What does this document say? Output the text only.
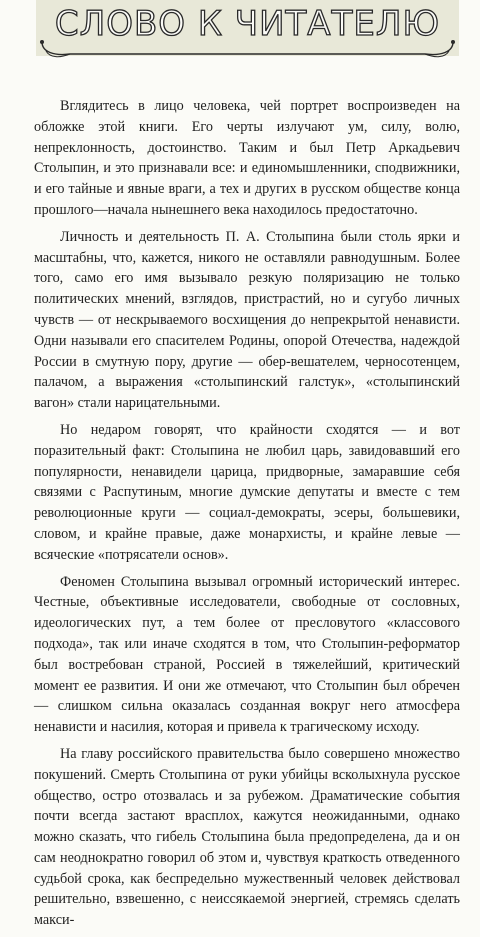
СЛОВО К ЧИТАТЕЛЮ

Вглядитесь в лицо человека, чей портрет воспроизведен на обложке этой книги. Его черты излучают ум, силу, волю, непреклонность, достоинство. Таким и был Петр Аркадьевич Столыпин, и это признавали все: и единомышленники, сподвижники, и его тайные и явные враги, а тех и других в русском обществе конца прошлого—начала нынешнего века находилось предостаточно.

Личность и деятельность П. А. Столыпина были столь ярки и масштабны, что, кажется, никого не оставляли равнодушным. Более того, само его имя вызывало резкую поляризацию не только политических мнений, взглядов, пристрастий, но и сугубо личных чувств — от нескрываемого восхищения до непрекрытой ненависти. Одни называли его спасителем Родины, опорой Отечества, надеждой России в смутную пору, другие — обер-вешателем, черносотенцем, палачом, а выражения «столыпинский галстук», «столыпинский вагон» стали нарицательными.

Но недаром говорят, что крайности сходятся — и вот поразительный факт: Столыпина не любил царь, завидовавший его популярности, ненавидели царица, придворные, замаравшие себя связями с Распутиным, многие думские депутаты и вместе с тем революционные круги — социал-демократы, эсеры, большевики, словом, и крайне правые, даже монархисты, и крайне левые — всяческие «потрясатели основ».

Феномен Столыпина вызывал огромный исторический интерес. Честные, объективные исследователи, свободные от сословных, идеологических пут, а тем более от пресловутого «классового подхода», так или иначе сходятся в том, что Столыпин-реформатор был востребован страной, Россией в тяжелейший, критический момент ее развития. И они же отмечают, что Столыпин был обречен — слишком сильна оказалась созданная вокруг него атмосфера ненависти и насилия, которая и привела к трагическому исходу.

На главу российского правительства было совершено множество покушений. Смерть Столыпина от руки убийцы всколыхнула русское общество, остро отозвалась и за рубежом. Драматические события почти всегда застают врасплох, кажутся неожиданными, однако можно сказать, что гибель Столыпина была предопределена, да и он сам неоднократно говорил об этом и, чувствуя краткость отведенного судьбой срока, как беспредельно мужественный человек действовал решительно, взвешенно, с неиссякаемой энергией, стремясь сделать макси-
